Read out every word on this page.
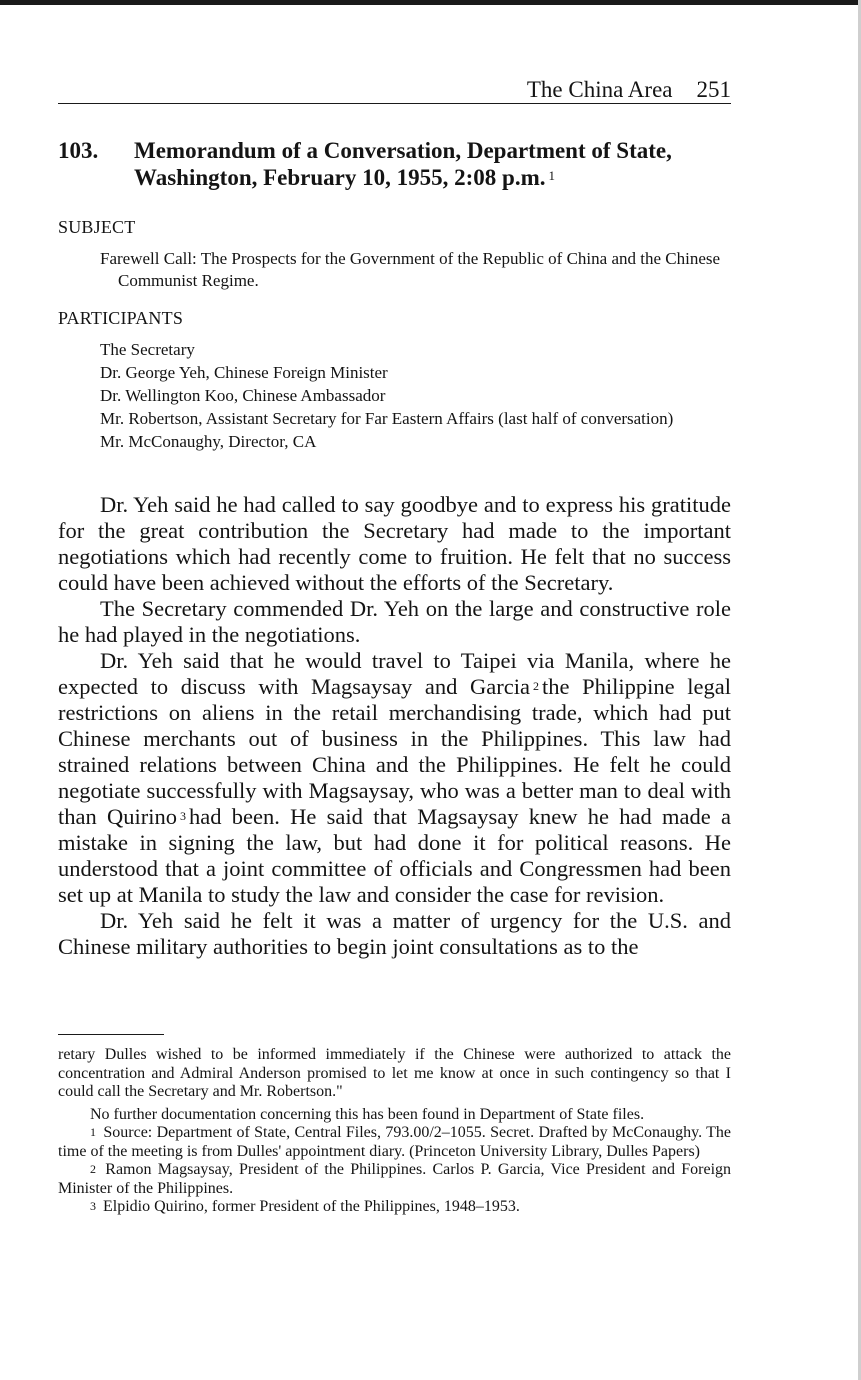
The China Area 251
103. Memorandum of a Conversation, Department of State,
Washington, February 10, 1955, 2:08 p.m. $^1$
SUBJECT
Farewell Call: The Prospects for the Government of the Republic of China and the Chinese Communist Regime.
PARTICIPANTS
The Secretary
Dr. George Yeh, Chinese Foreign Minister
Dr. Wellington Koo, Chinese Ambassador
Mr. Robertson, Assistant Secretary for Far Eastern Affairs (last half of conversation)
Mr. McConaughy, Director, CA

Dr. Yeh said he had called to say goodbye and to express his gratitude for the great contribution the Secretary had made to the important negotiations which had recently come to fruition. He felt that no success could have been achieved without the efforts of the Secretary.

The Secretary commended Dr. Yeh on the large and constructive role he had played in the negotiations.

Dr. Yeh said that he would travel to Taipei via Manila, where he expected to discuss with Magsaysay and Garcia $^2$ the Philippine legal restrictions on aliens in the retail merchandising trade, which had put Chinese merchants out of business in the Philippines. This law had strained relations between China and the Philippines. He felt he could negotiate successfully with Magsaysay, who was a better man to deal with than Quirino $^3$ had been. He said that Magsaysay knew he had made a mistake in signing the law, but had done it for political reasons. He understood that a joint committee of officials and Congressmen had been set up at Manila to study the law and consider the case for revision.

Dr. Yeh said he felt it was a matter of urgency for the U.S. and Chinese military authorities to begin joint consultations as to the

retary Dulles wished to be informed immediately if the Chinese were authorized to attack the concentration and Admiral Anderson promised to let me know at once in such contingency so that I could call the Secretary and Mr. Robertson."

No further documentation concerning this has been found in Department of State files.

$^1$ Source: Department of State, Central Files, 793.00/2–1055. Secret. Drafted by McConaughy. The time of the meeting is from Dulles' appointment diary. (Princeton University Library, Dulles Papers)

$^2$ Ramon Magsaysay, President of the Philippines. Carlos P. Garcia, Vice President and Foreign Minister of the Philippines.

$^3$ Elpidio Quirino, former President of the Philippines, 1948–1953.
